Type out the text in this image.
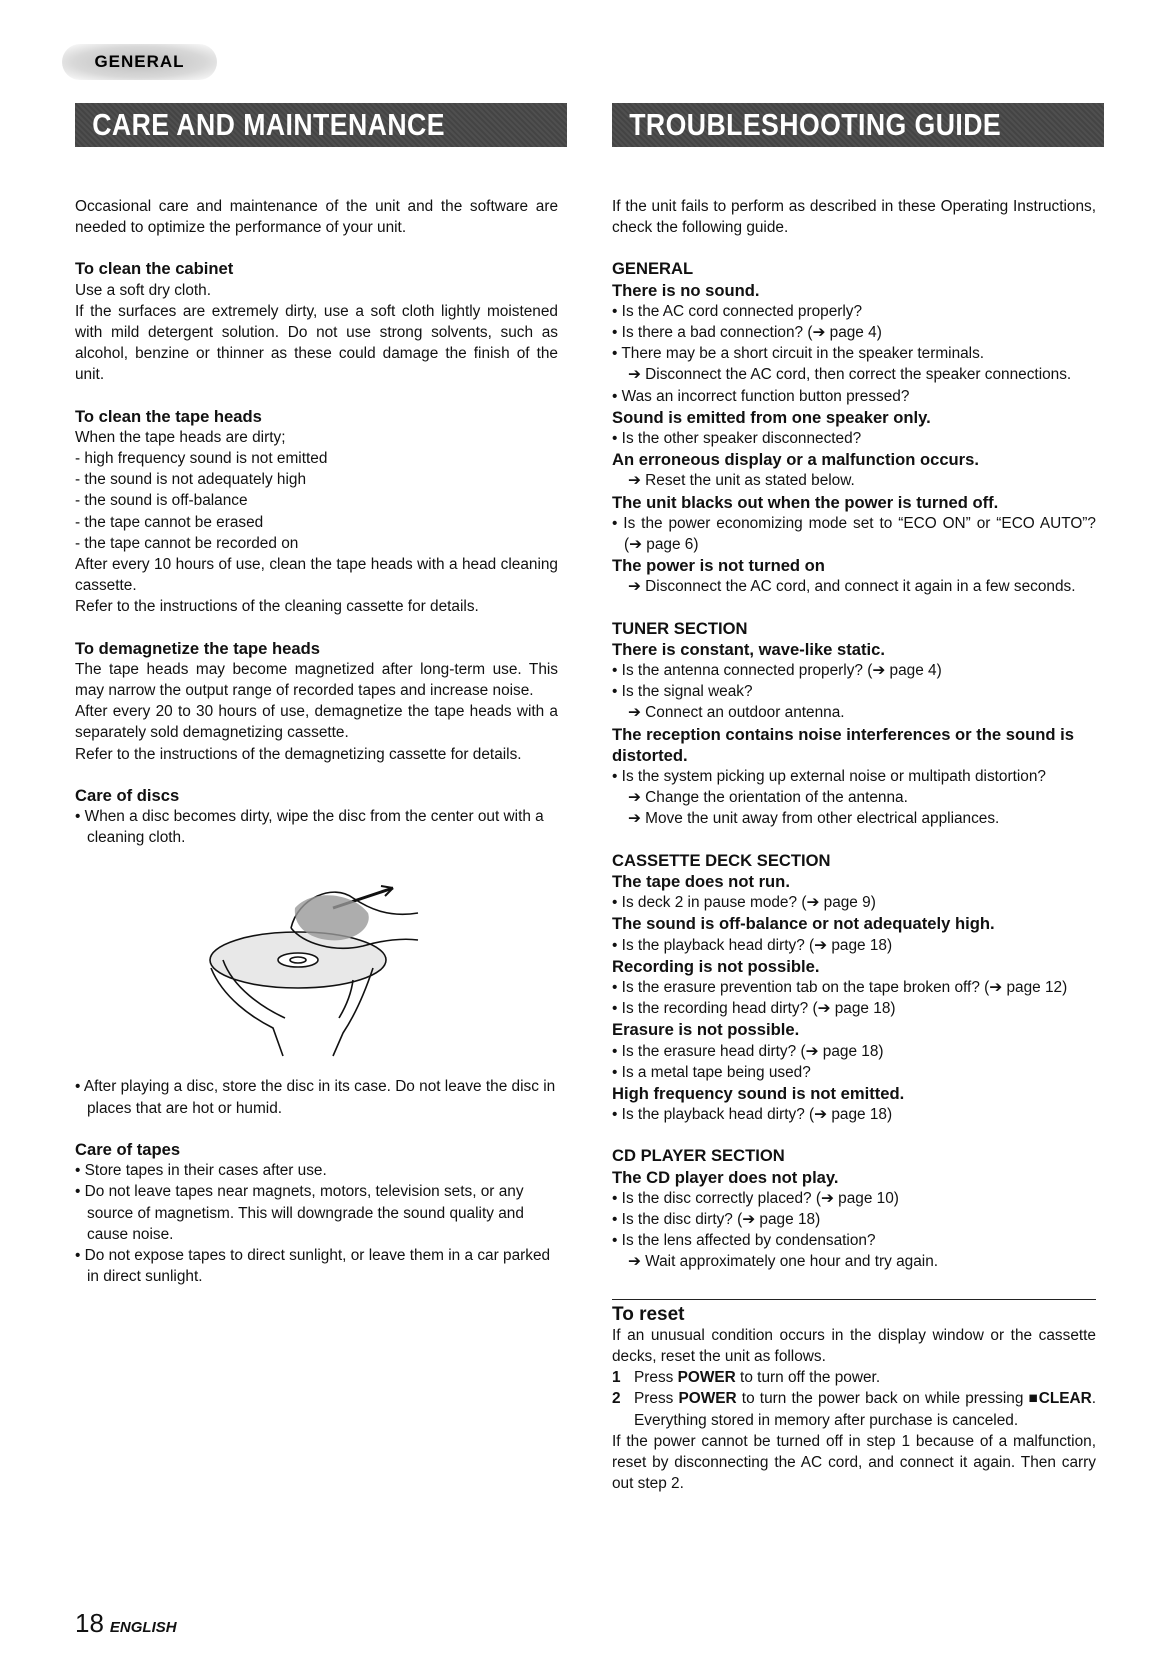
GENERAL
CARE AND MAINTENANCE	TROUBLESHOOTING GUIDE

Occasional care and maintenance of the unit and the software are needed to optimize the performance of your unit.

To clean the cabinet

Use a soft dry cloth.

If the surfaces are extremely dirty, use a soft cloth lightly moistened with mild detergent solution. Do not use strong solvents, such as alcohol, benzine or thinner as these could damage the finish of the unit.

To clean the tape heads

When the tape heads are dirty;

- high frequency sound is not emitted

- the sound is not adequately high

- the sound is off-balance

- the tape cannot be erased

- the tape cannot be recorded on

After every 10 hours of use, clean the tape heads with a head cleaning cassette.

Refer to the instructions of the cleaning cassette for details.

To demagnetize the tape heads

The tape heads may become magnetized after long-term use. This may narrow the output range of recorded tapes and increase noise.

After every 20 to 30 hours of use, demagnetize the tape heads with a separately sold demagnetizing cassette.

Refer to the instructions of the demagnetizing cassette for details.

Care of discs

• When a disc becomes dirty, wipe the disc from the center out with a cleaning cloth.

• After playing a disc, store the disc in its case. Do not leave the disc in places that are hot or humid.

Care of tapes

• Store tapes in their cases after use.

• Do not leave tapes near magnets, motors, television sets, or any source of magnetism. This will downgrade the sound quality and cause noise.

• Do not expose tapes to direct sunlight, or leave them in a car parked in direct sunlight.

If the unit fails to perform as described in these Operating Instructions, check the following guide.

GENERAL

There is no sound.

• Is the AC cord connected properly?

• Is there a bad connection? (➔ page 4)

• There may be a short circuit in the speaker terminals.

➔ Disconnect the AC cord, then correct the speaker connections.

• Was an incorrect function button pressed?

Sound is emitted from one speaker only.

• Is the other speaker disconnected?

An erroneous display or a malfunction occurs.

➔ Reset the unit as stated below.

The unit blacks out when the power is turned off.

• Is the power economizing mode set to “ECO ON” or “ECO AUTO”? (➔ page 6)

The power is not turned on

➔ Disconnect the AC cord, and connect it again in a few seconds.

TUNER SECTION

There is constant, wave-like static.

• Is the antenna connected properly? (➔ page 4)

• Is the signal weak?

➔ Connect an outdoor antenna.

The reception contains noise interferences or the sound is distorted.

• Is the system picking up external noise or multipath distortion?

➔ Change the orientation of the antenna.

➔ Move the unit away from other electrical appliances.

CASSETTE DECK SECTION

The tape does not run.

• Is deck 2 in pause mode? (➔ page 9)

The sound is off-balance or not adequately high.

• Is the playback head dirty? (➔ page 18)

Recording is not possible.

• Is the erasure prevention tab on the tape broken off? (➔ page 12)

• Is the recording head dirty? (➔ page 18)

Erasure is not possible.

• Is the erasure head dirty? (➔ page 18)

• Is a metal tape being used?

High frequency sound is not emitted.

• Is the playback head dirty? (➔ page 18)

CD PLAYER SECTION

The CD player does not play.

• Is the disc correctly placed? (➔ page 10)

• Is the disc dirty? (➔ page 18)

• Is the lens affected by condensation?

➔ Wait approximately one hour and try again.

To reset

If an unusual condition occurs in the display window or the cassette decks, reset the unit as follows.

1 Press POWER to turn off the power.

2 Press POWER to turn the power back on while pressing ■CLEAR. Everything stored in memory after purchase is canceled.

If the power cannot be turned off in step 1 because of a malfunction, reset by disconnecting the AC cord, and connect it again. Then carry out step 2.

18 ENGLISH
